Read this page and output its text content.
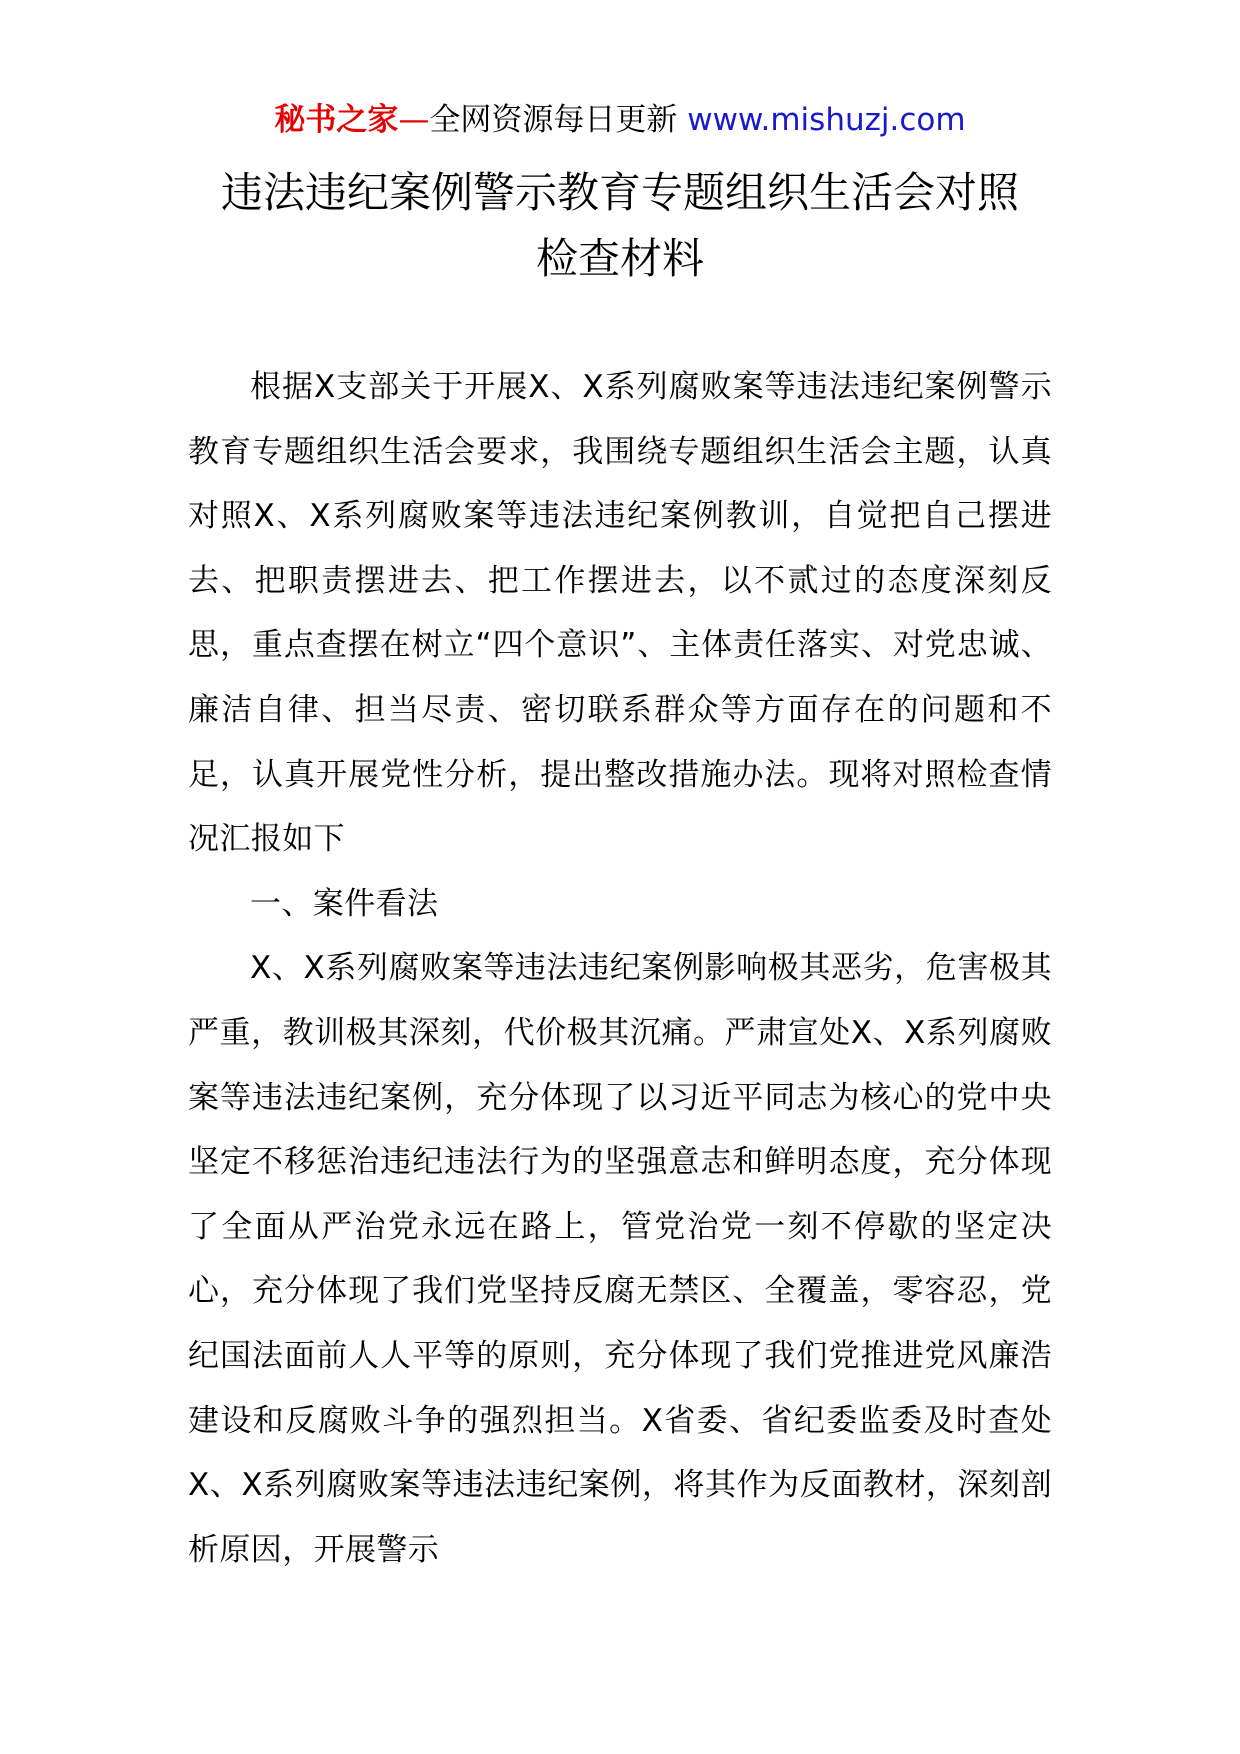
秘书之家—全网资源每日更新 www.mishuzj.com
违法违纪案例警示教育专题组织生活会对照
检查材料

根据X支部关于开展X、X系列腐败案等违法违纪案例警示教育专题组织生活会要求，我围绕专题组织生活会主题，认真对照X、X系列腐败案等违法违纪案例教训，自觉把自己摆进去、把职责摆进去、把工作摆进去，以不贰过的态度深刻反思，重点查摆在树立“四个意识”、主体责任落实、对党忠诚、廉洁自律、担当尽责、密切联系群众等方面存在的问题和不足，认真开展党性分析，提出整改措施办法。现将对照检查情况汇报如下

一、案件看法

X、X系列腐败案等违法违纪案例影响极其恶劣，危害极其严重，教训极其深刻，代价极其沉痛。严肃宣处X、X系列腐败案等违法违纪案例，充分体现了以习近平同志为核心的党中央坚定不移惩治违纪违法行为的坚强意志和鲜明态度，充分体现了全面从严治党永远在路上，管党治党一刻不停歇的坚定决心，充分体现了我们党坚持反腐无禁区、全覆盖，零容忍，党纪国法面前人人平等的原则，充分体现了我们党推进党风廉浩建设和反腐败斗争的强烈担当。X省委、省纪委监委及时查处X、X系列腐败案等违法违纪案例，将其作为反面教材，深刻剖析原因，开展警示
